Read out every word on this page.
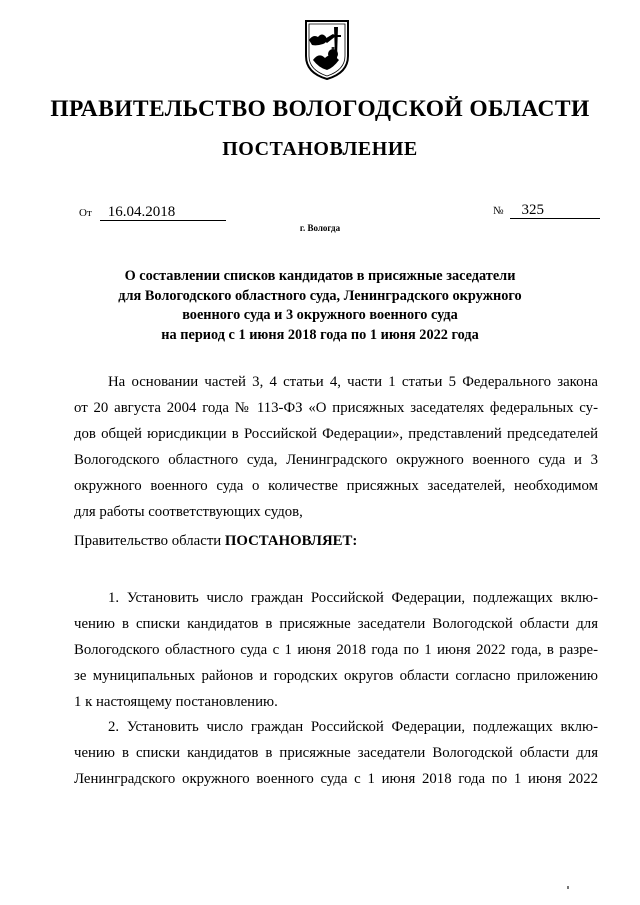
ПРАВИТЕЛЬСТВО ВОЛОГОДСКОЙ ОБЛАСТИ
ПОСТАНОВЛЕНИЕ
От 16.04.2018	№ 325
г. Вологда
О составлении списков кандидатов в присяжные заседатели
для Вологодского областного суда, Ленинградского окружного
военного суда и 3 окружного военного суда
на период с 1 июня 2018 года по 1 июня 2022 года
На основании частей 3, 4 статьи 4, части 1 статьи 5 Федерального закона
от 20 августа 2004 года № 113-ФЗ «О присяжных заседателях федеральных су-
дов общей юрисдикции в Российской Федерации», представлений председателей
Вологодского областного суда, Ленинградского окружного военного суда и 3
окружного военного суда о количестве присяжных заседателей, необходимом
для работы соответствующих судов,
Правительство области ПОСТАНОВЛЯЕТ:
1. Установить число граждан Российской Федерации, подлежащих вклю-
чению в списки кандидатов в присяжные заседатели Вологодской области для
Вологодского областного суда с 1 июня 2018 года по 1 июня 2022 года, в разре-
зе муниципальных районов и городских округов области согласно приложению
1 к настоящему постановлению.
2. Установить число граждан Российской Федерации, подлежащих вклю-
чению в списки кандидатов в присяжные заседатели Вологодской области для
Ленинградского окружного военного суда с 1 июня 2018 года по 1 июня 2022
